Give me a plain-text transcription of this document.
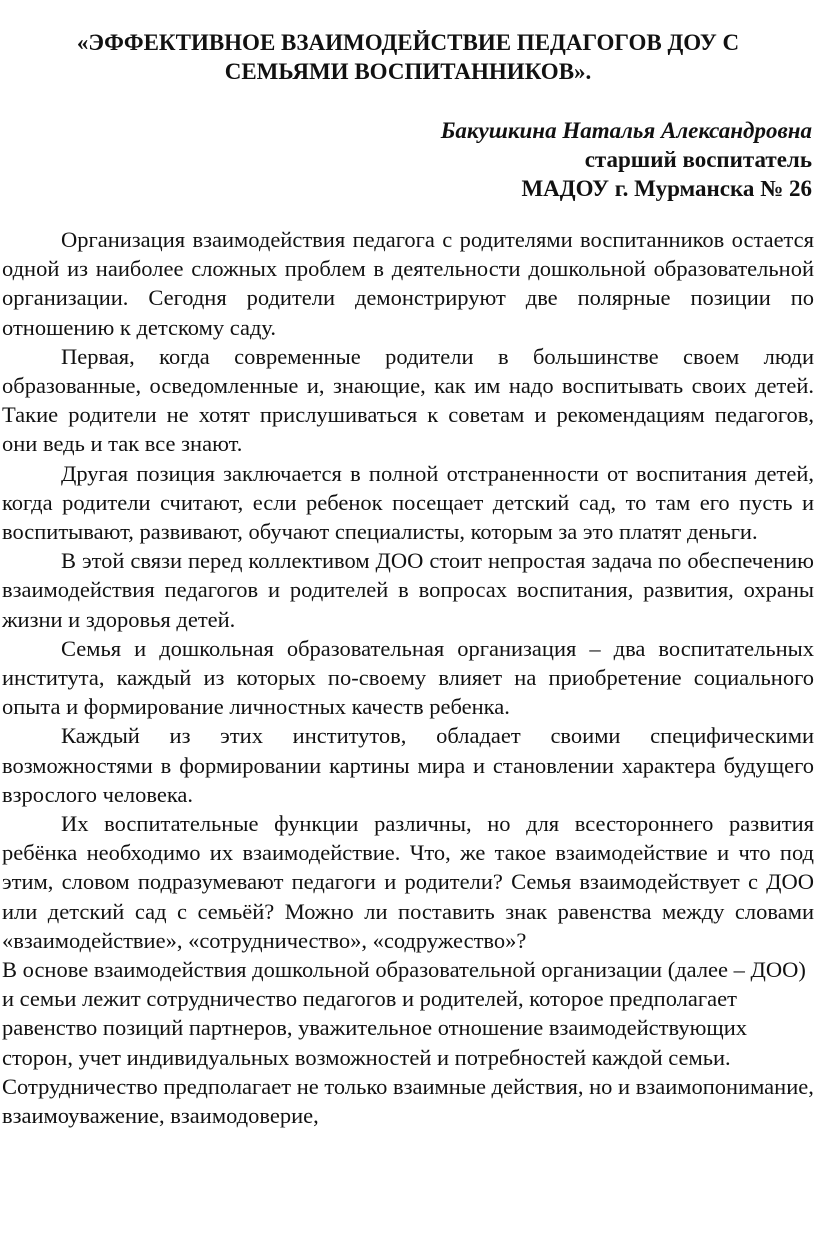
«ЭФФЕКТИВНОЕ ВЗАИМОДЕЙСТВИЕ ПЕДАГОГОВ ДОУ С
СЕМЬЯМИ ВОСПИТАННИКОВ».
Бакушкина Наталья Александровна
старший воспитатель
МАДОУ г. Мурманска № 26

Организация взаимодействия педагога с родителями воспитанников остается одной из наиболее сложных проблем в деятельности дошкольной образовательной организации. Сегодня родители демонстрируют две полярные позиции по отношению к детскому саду.

Первая, когда современные родители в большинстве своем люди образованные, осведомленные и, знающие, как им надо воспитывать своих детей. Такие родители не хотят прислушиваться к советам и рекомендациям педагогов, они ведь и так все знают.

Другая позиция заключается в полной отстраненности от воспитания детей, когда родители считают, если ребенок посещает детский сад, то там его пусть и воспитывают, развивают, обучают специалисты, которым за это платят деньги.

В этой связи перед коллективом ДОО стоит непростая задача по обеспечению взаимодействия педагогов и родителей в вопросах воспитания, развития, охраны жизни и здоровья детей.

Семья и дошкольная образовательная организация – два воспитательных института, каждый из которых по-своему влияет на приобретение социального опыта и формирование личностных качеств ребенка.

Каждый из этих институтов, обладает своими специфическими возможностями в формировании картины мира и становлении характера будущего взрослого человека.

Их воспитательные функции различны, но для всестороннего развития ребёнка необходимо их взаимодействие. Что, же такое взаимодействие и что под этим, словом подразумевают педагоги и родители? Семья взаимодействует с ДОО или детский сад с семьёй? Можно ли поставить знак равенства между словами «взаимодействие», «сотрудничество», «содружество»?

В основе взаимодействия дошкольной образовательной организации (далее – ДОО) и семьи лежит сотрудничество педагогов и родителей, которое предполагает равенство позиций партнеров, уважительное отношение взаимодействующих сторон, учет индивидуальных возможностей и потребностей каждой семьи. Сотрудничество предполагает не только взаимные действия, но и взаимопонимание, взаимоуважение, взаимодоверие,
